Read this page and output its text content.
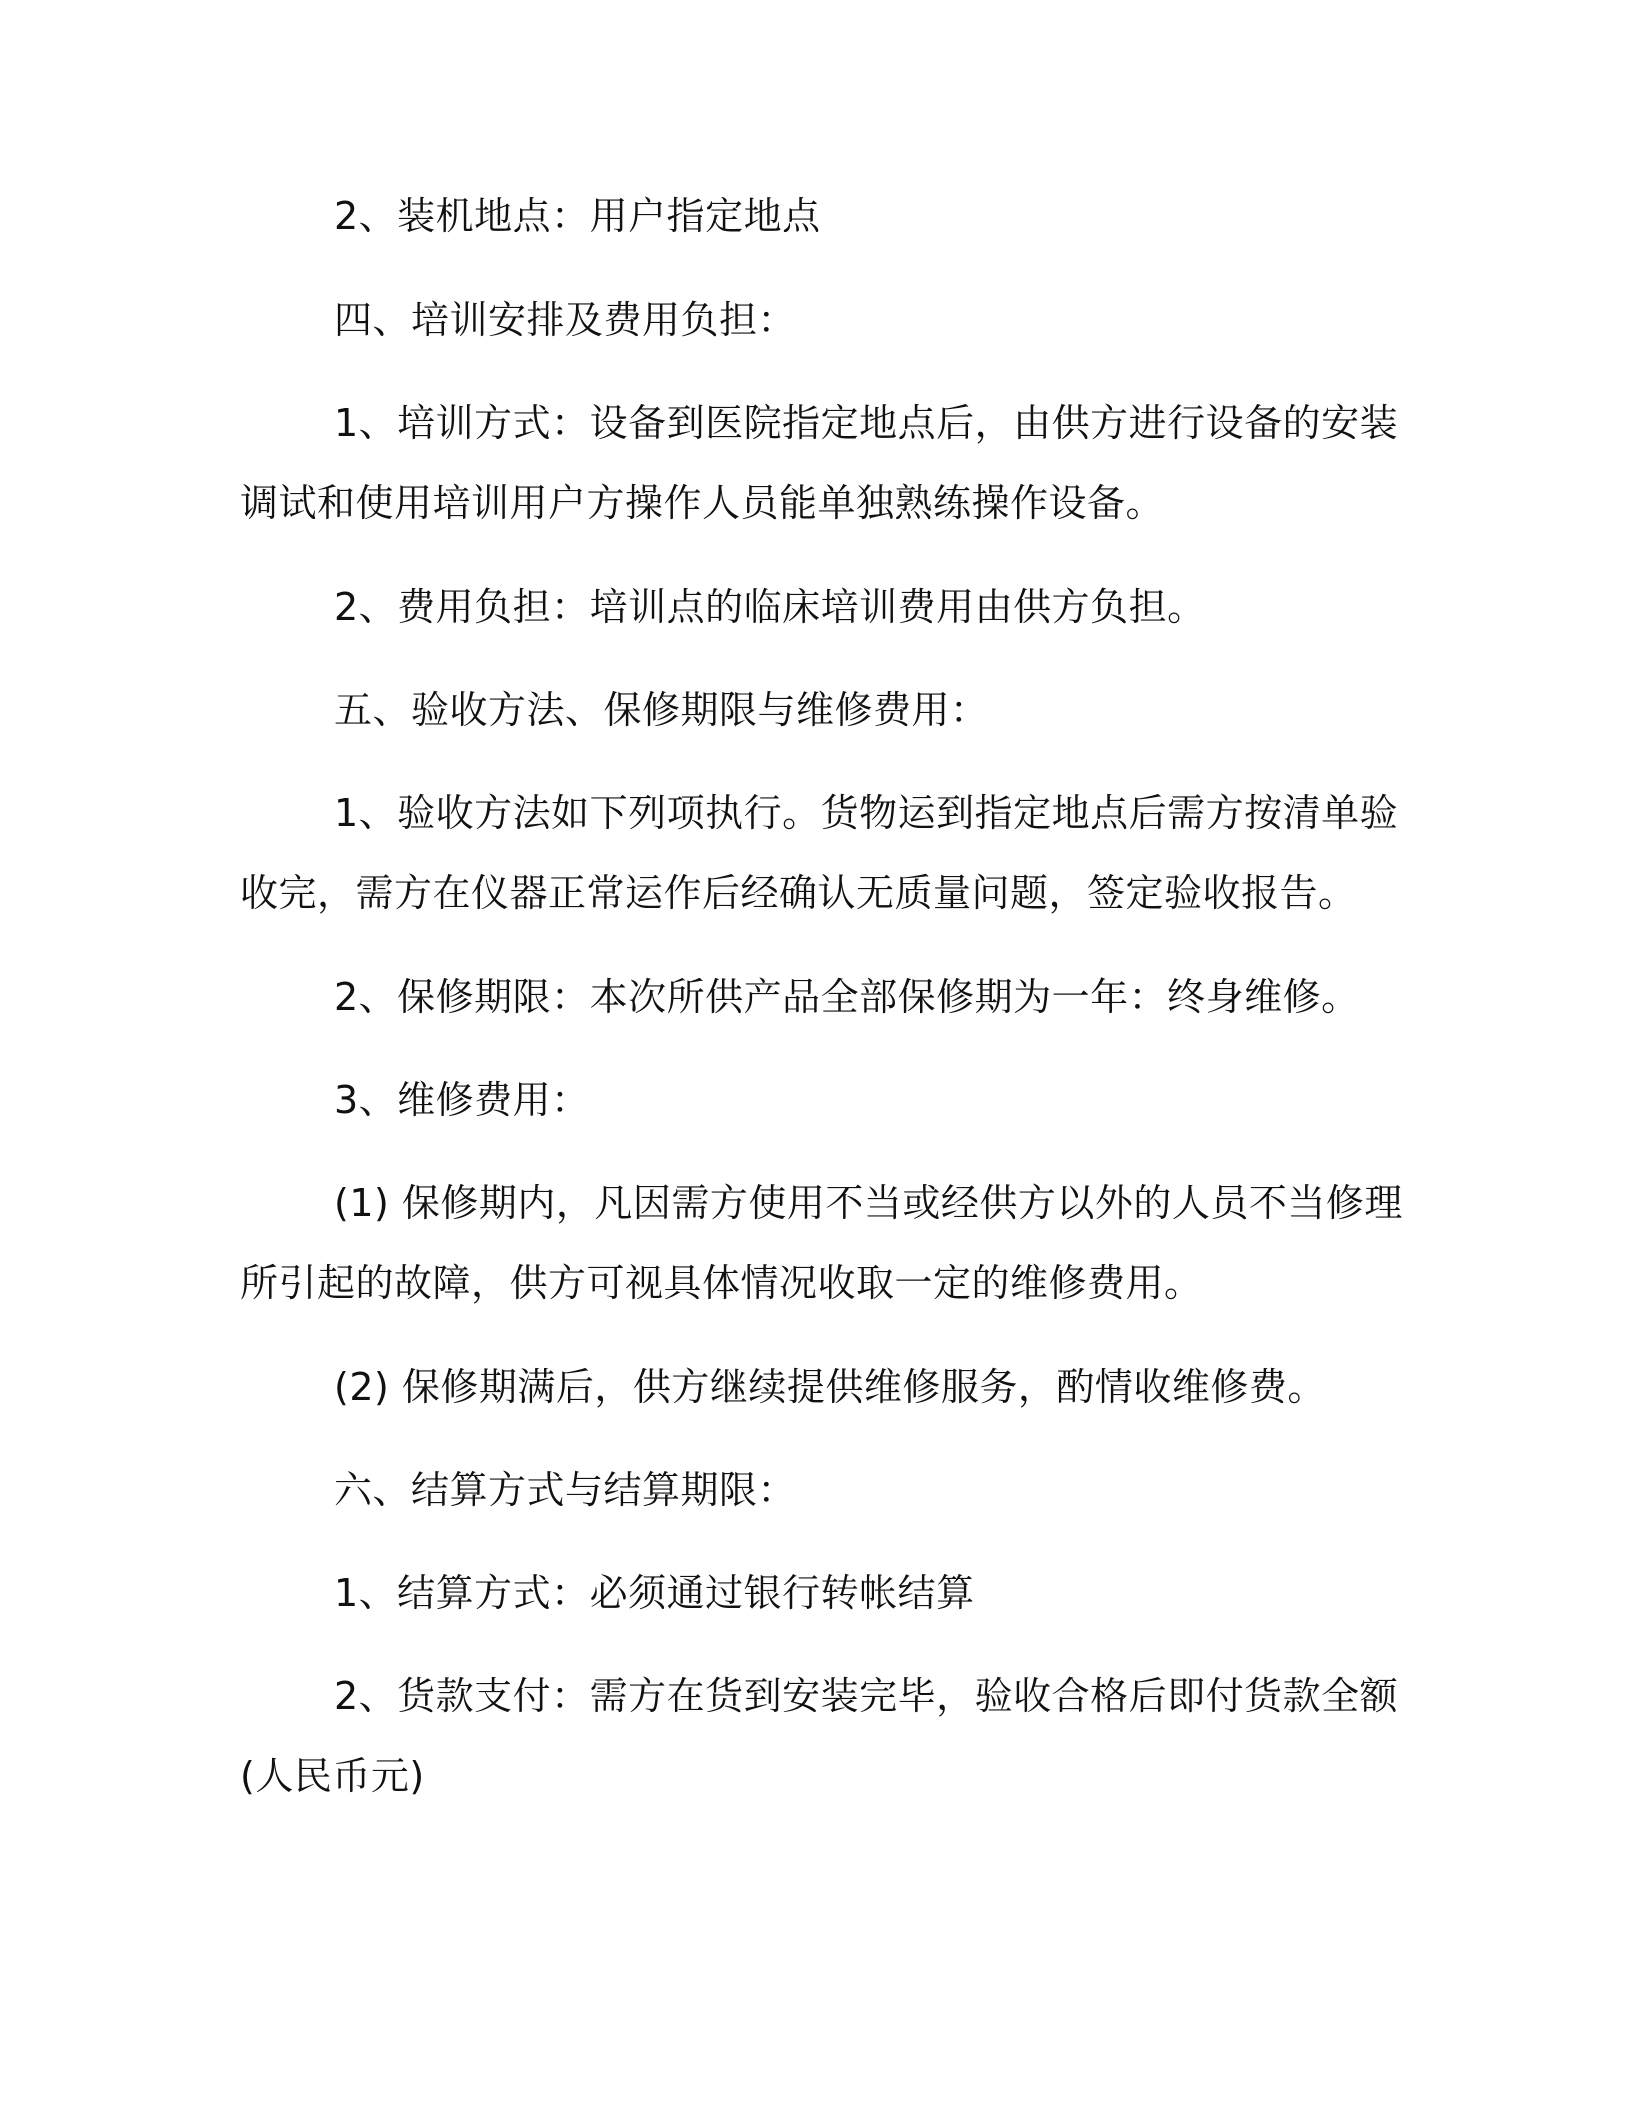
2、装机地点：用户指定地点

四、培训安排及费用负担：

1、培训方式：设备到医院指定地点后，由供方进行设备的安装
调试和使用培训用户方操作人员能单独熟练操作设备。

2、费用负担：培训点的临床培训费用由供方负担。

五、验收方法、保修期限与维修费用：

1、验收方法如下列项执行。货物运到指定地点后需方按清单验
收完，需方在仪器正常运作后经确认无质量问题，签定验收报告。

2、保修期限：本次所供产品全部保修期为一年：终身维修。

3、维修费用：

(1) 保修期内，凡因需方使用不当或经供方以外的人员不当修理
所引起的故障，供方可视具体情况收取一定的维修费用。

(2) 保修期满后，供方继续提供维修服务，酌情收维修费。

六、结算方式与结算期限：

1、结算方式：必须通过银行转帐结算

2、货款支付：需方在货到安装完毕，验收合格后即付货款全额
(人民币元)
